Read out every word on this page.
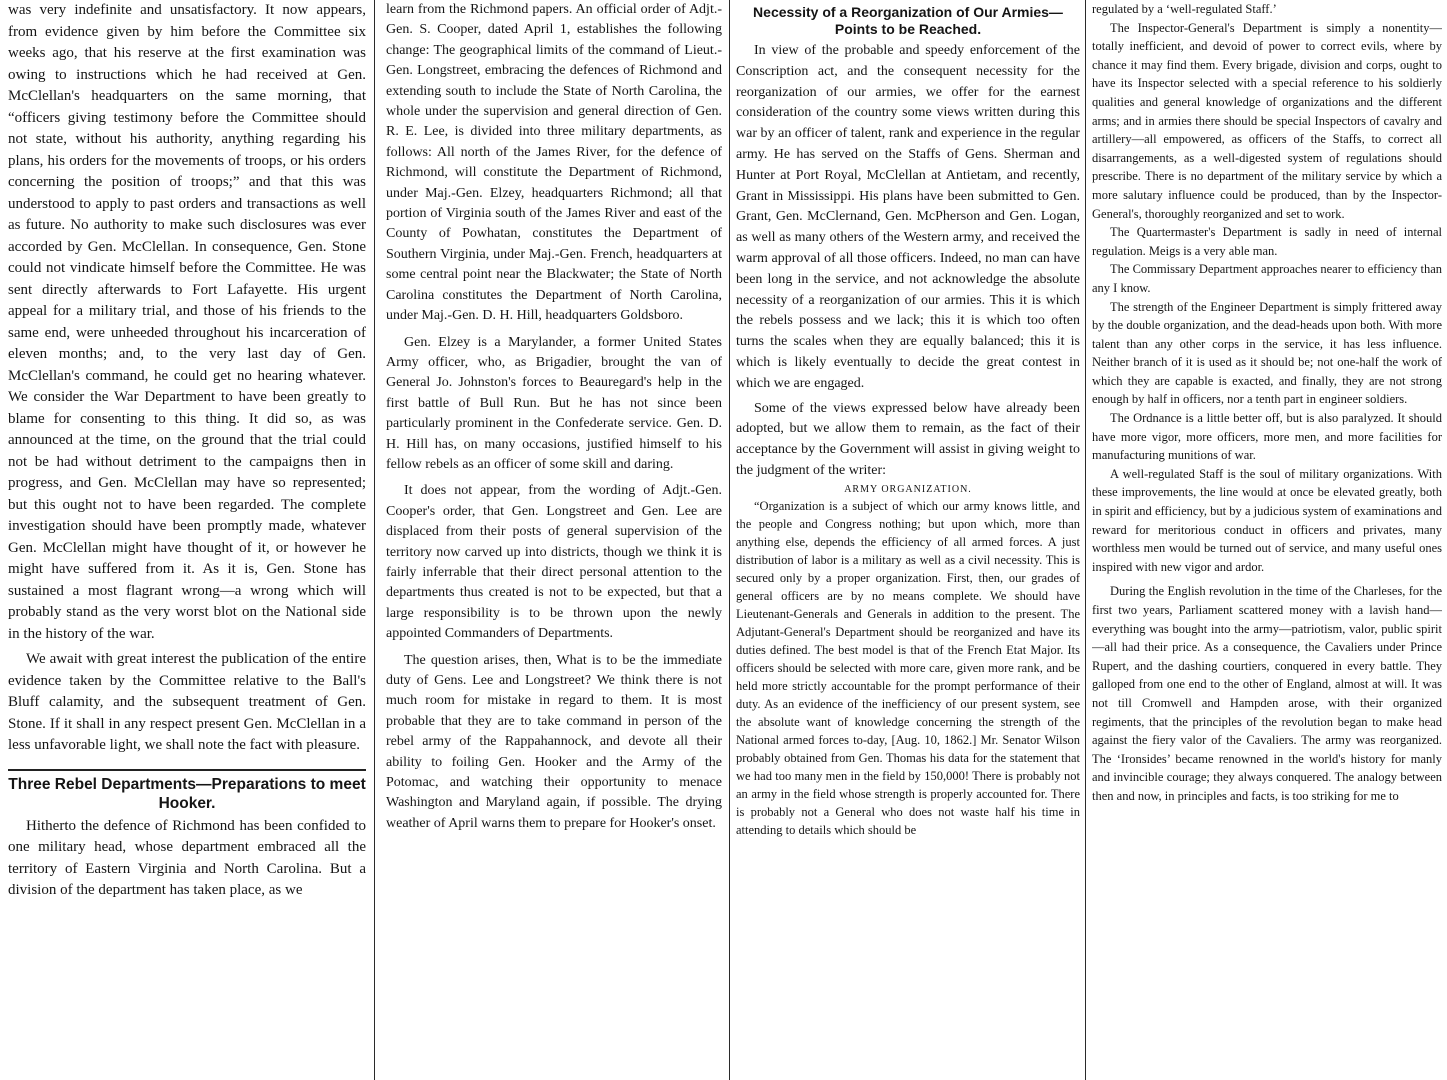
was very indefinite and unsatisfactory. It now appears, from evidence given by him before the Committee six weeks ago, that his reserve at the first examination was owing to instructions which he had received at Gen. McClellan's headquarters on the same morning, that “officers giving testimony before the Committee should not state, without his authority, anything regarding his plans, his orders for the movements of troops, or his orders concerning the position of troops;” and that this was understood to apply to past orders and transactions as well as future. No authority to make such disclosures was ever accorded by Gen. McClellan. In consequence, Gen. Stone could not vindicate himself before the Committee. He was sent directly afterwards to Fort Lafayette. His urgent appeal for a military trial, and those of his friends to the same end, were unheeded throughout his incarceration of eleven months; and, to the very last day of Gen. McClellan's command, he could get no hearing whatever. We consider the War Department to have been greatly to blame for consenting to this thing. It did so, as was announced at the time, on the ground that the trial could not be had without detriment to the campaigns then in progress, and Gen. McClellan may have so represented; but this ought not to have been regarded. The complete investigation should have been promptly made, whatever Gen. McClellan might have thought of it, or however he might have suffered from it. As it is, Gen. Stone has sustained a most flagrant wrong—a wrong which will probably stand as the very worst blot on the National side in the history of the war.

We await with great interest the publication of the entire evidence taken by the Committee relative to the Ball's Bluff calamity, and the subsequent treatment of Gen. Stone. If it shall in any respect present Gen. McClellan in a less unfavorable light, we shall note the fact with pleasure.

Three Rebel Departments—Preparations to meet Hooker.

Hitherto the defence of Richmond has been confided to one military head, whose department embraced all the territory of Eastern Virginia and North Carolina. But a division of the department has taken place, as we

learn from the Richmond papers. An official order of Adjt.-Gen. S. Cooper, dated April 1, establishes the following change: The geographical limits of the command of Lieut.-Gen. Longstreet, embracing the defences of Richmond and extending south to include the State of North Carolina, the whole under the supervision and general direction of Gen. R. E. Lee, is divided into three military departments, as follows: All north of the James River, for the defence of Richmond, will constitute the Department of Richmond, under Maj.-Gen. Elzey, headquarters Richmond; all that portion of Virginia south of the James River and east of the County of Powhatan, constitutes the Department of Southern Virginia, under Maj.-Gen. French, headquarters at some central point near the Blackwater; the State of North Carolina constitutes the Department of North Carolina, under Maj.-Gen. D. H. Hill, headquarters Goldsboro.

Gen. Elzey is a Marylander, a former United States Army officer, who, as Brigadier, brought the van of General Jo. Johnston's forces to Beauregard's help in the first battle of Bull Run. But he has not since been particularly prominent in the Confederate service. Gen. D. H. Hill has, on many occasions, justified himself to his fellow rebels as an officer of some skill and daring.

It does not appear, from the wording of Adjt.-Gen. Cooper's order, that Gen. Longstreet and Gen. Lee are displaced from their posts of general supervision of the territory now carved up into districts, though we think it is fairly inferrable that their direct personal attention to the departments thus created is not to be expected, but that a large responsibility is to be thrown upon the newly appointed Commanders of Departments.

The question arises, then, What is to be the immediate duty of Gens. Lee and Longstreet? We think there is not much room for mistake in regard to them. It is most probable that they are to take command in person of the rebel army of the Rappahannock, and devote all their ability to foiling Gen. Hooker and the Army of the Potomac, and watching their opportunity to menace Washington and Maryland again, if possible. The drying weather of April warns them to prepare for Hooker's onset.

Necessity of a Reorganization of Our Armies—Points to be Reached.

In view of the probable and speedy enforcement of the Conscription act, and the consequent necessity for the reorganization of our armies, we offer for the earnest consideration of the country some views written during this war by an officer of talent, rank and experience in the regular army. He has served on the Staffs of Gens. Sherman and Hunter at Port Royal, McClellan at Antietam, and recently, Grant in Mississippi. His plans have been submitted to Gen. Grant, Gen. McClernand, Gen. McPherson and Gen. Logan, as well as many others of the Western army, and received the warm approval of all those officers. Indeed, no man can have been long in the service, and not acknowledge the absolute necessity of a reorganization of our armies. This it is which the rebels possess and we lack; this it is which too often turns the scales when they are equally balanced; this it is which is likely eventually to decide the great contest in which we are engaged.

Some of the views expressed below have already been adopted, but we allow them to remain, as the fact of their acceptance by the Government will assist in giving weight to the judgment of the writer:

ARMY ORGANIZATION.

“Organization is a subject of which our army knows little, and the people and Congress nothing; but upon which, more than anything else, depends the efficiency of all armed forces. A just distribution of labor is a military as well as a civil necessity. This is secured only by a proper organization. First, then, our grades of general officers are by no means complete. We should have Lieutenant-Generals and Generals in addition to the present. The Adjutant-General's Department should be reorganized and have its duties defined. The best model is that of the French Etat Major. Its officers should be selected with more care, given more rank, and be held more strictly accountable for the prompt performance of their duty. As an evidence of the inefficiency of our present system, see the absolute want of knowledge concerning the strength of the National armed forces to-day, [Aug. 10, 1862.] Mr. Senator Wilson probably obtained from Gen. Thomas his data for the statement that we had too many men in the field by 150,000! There is probably not an army in the field whose strength is properly accounted for. There is probably not a General who does not waste half his time in attending to details which should be

regulated by a ‘well-regulated Staff.’

The Inspector-General's Department is simply a nonentity—totally inefficient, and devoid of power to correct evils, where by chance it may find them. Every brigade, division and corps, ought to have its Inspector selected with a special reference to his soldierly qualities and general knowledge of organizations and the different arms; and in armies there should be special Inspectors of cavalry and artillery—all empowered, as officers of the Staffs, to correct all disarrangements, as a well-digested system of regulations should prescribe. There is no department of the military service by which a more salutary influence could be produced, than by the Inspector-General's, thoroughly reorganized and set to work.

The Quartermaster's Department is sadly in need of internal regulation. Meigs is a very able man.

The Commissary Department approaches nearer to efficiency than any I know.

The strength of the Engineer Department is simply frittered away by the double organization, and the dead-heads upon both. With more talent than any other corps in the service, it has less influence. Neither branch of it is used as it should be; not one-half the work of which they are capable is exacted, and finally, they are not strong enough by half in officers, nor a tenth part in engineer soldiers.

The Ordnance is a little better off, but is also paralyzed. It should have more vigor, more officers, more men, and more facilities for manufacturing munitions of war.

A well-regulated Staff is the soul of military organizations. With these improvements, the line would at once be elevated greatly, both in spirit and efficiency, but by a judicious system of examinations and reward for meritorious conduct in officers and privates, many worthless men would be turned out of service, and many useful ones inspired with new vigor and ardor.

During the English revolution in the time of the Charleses, for the first two years, Parliament scattered money with a lavish hand—everything was bought into the army—patriotism, valor, public spirit—all had their price. As a consequence, the Cavaliers under Prince Rupert, and the dashing courtiers, conquered in every battle. They galloped from one end to the other of England, almost at will. It was not till Cromwell and Hampden arose, with their organized regiments, that the principles of the revolution began to make head against the fiery valor of the Cavaliers. The army was reorganized. The ‘Ironsides’ became renowned in the world's history for manly and invincible courage; they always conquered. The analogy between then and now, in principles and facts, is too striking for me to
